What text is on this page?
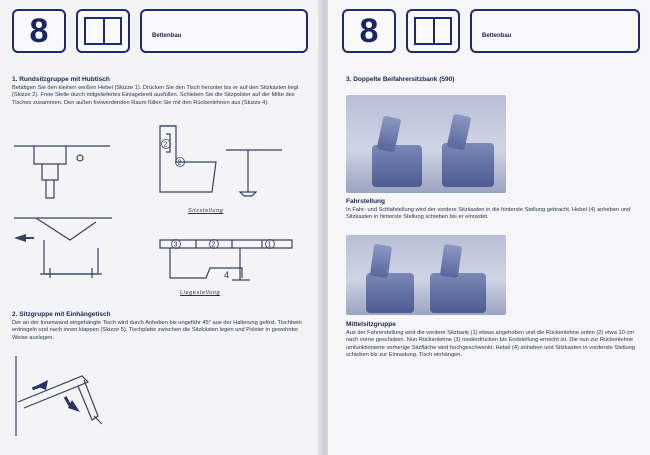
8	Bettenbau
1. Rundsitzgruppe mit Hubtisch
Betätigen Sie den kleinen weißen Hebel (Skizze 1). Drücken Sie den Tisch herunter bis er auf den Sitzkästen liegt (Skizze 2). Freie Stelle durch mitgeliefertes Einlagebrett ausfüllen. Schieben Sie die Sitzpolster auf der Mitte des Tisches zusammen. Den außen freiwerdenden Raum füllen Sie mit den Rückenlehnen aus (Skizze 4).
2
2
3	2	1
4
Sitzstellung
Liegestellung
2. Sitzgruppe mit Einhängetisch
Der an der Innenwand eingehängte Tisch wird durch Anheben bis ungefähr 45° aus der Halterung gelöst. Tischbein entriegeln und nach innen klappen (Skizze 5). Tischplatte zwischen die Sitzkästen legen und Polster in gewohnter Weise auslegen.
8	Bettenbau
3. Doppelte Beifahrersitzbank (590)
Fahrstellung
In Fahr- und Schlafstellung wird der vordere Sitzkasten in die hinterste Stellung gebracht. Hebel (4) anheben und Sitzkasten in hinterste Stellung schieben bis er einrastet.
Mittelsitzgruppe
Aus der Fahrerstellung wird die vordere Sitzbank (1) etwas angehoben und die Rückenlehne unten (2) etwa 10 cm nach vorne geschoben. Nun Rückenlehne (3) niederdrücken bis Endstellung erreicht ist. Die nun zur Rückenlehne umfunktionierte vorherige Sitzfläche wird hochgeschwenkt. Hebel (4) anheben und Sitzkasten in vorderste Stellung schieben bis zur Einrastung. Tisch einhängen.
